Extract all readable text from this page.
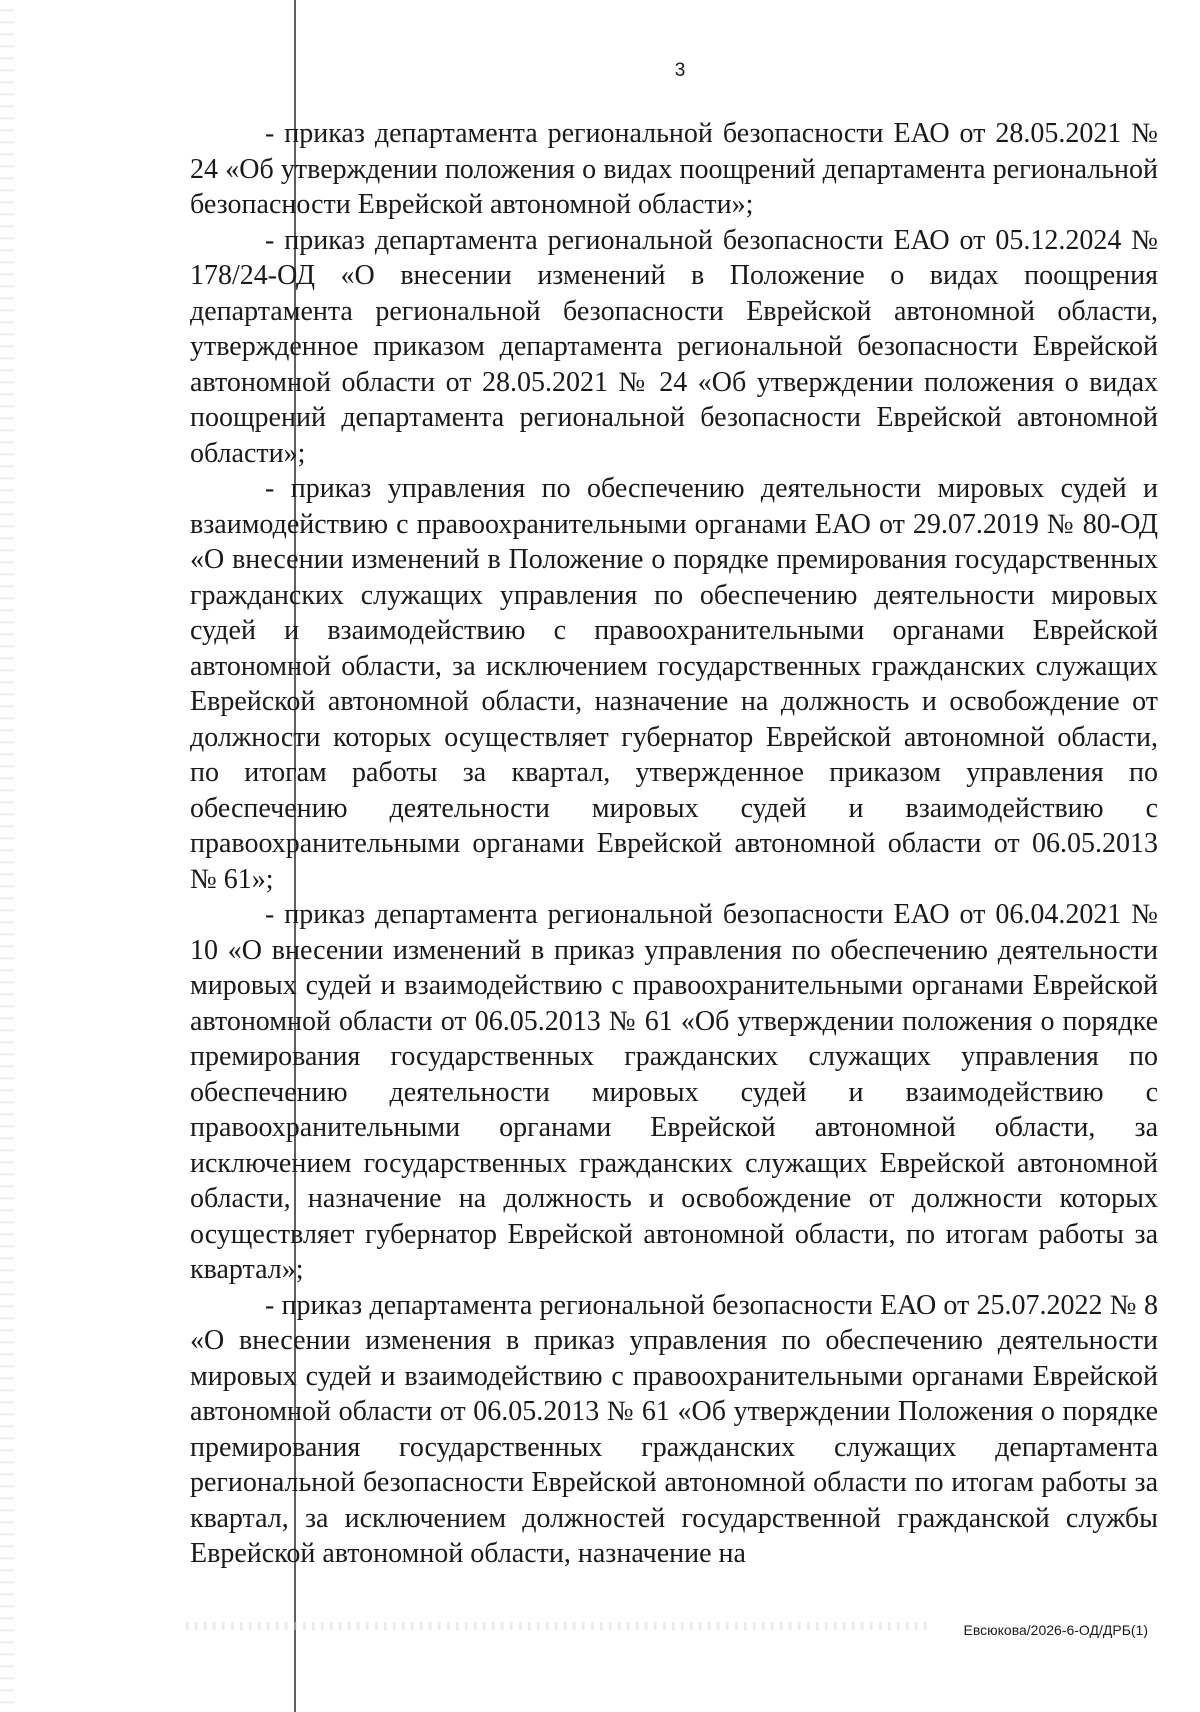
3

- приказ департамента региональной безопасности ЕАО от 28.05.2021 № 24 «Об утверждении положения о видах поощрений департамента региональной безопасности Еврейской автономной области»;

- приказ департамента региональной безопасности ЕАО от 05.12.2024 № 178/24-ОД «О внесении изменений в Положение о видах поощрения департамента региональной безопасности Еврейской автономной области, утвержденное приказом департамента региональной безопасности Еврейской автономной области от 28.05.2021 № 24 «Об утверждении положения о видах поощрений департамента региональной безопасности Еврейской автономной области»;

- приказ управления по обеспечению деятельности мировых судей и взаимодействию с правоохранительными органами ЕАО от 29.07.2019 № 80-ОД «О внесении изменений в Положение о порядке премирования государственных гражданских служащих управления по обеспечению деятельности мировых судей и взаимодействию с правоохранительными органами Еврейской автономной области, за исключением государственных гражданских служащих Еврейской автономной области, назначение на должность и освобождение от должности которых осуществляет губернатор Еврейской автономной области, по итогам работы за квартал, утвержденное приказом управления по обеспечению деятельности мировых судей и взаимодействию с правоохранительными органами Еврейской автономной области от 06.05.2013 № 61»;

- приказ департамента региональной безопасности ЕАО от 06.04.2021 № 10 «О внесении изменений в приказ управления по обеспечению деятельности мировых судей и взаимодействию с правоохранительными органами Еврейской автономной области от 06.05.2013 № 61 «Об утверждении положения о порядке премирования государственных гражданских служащих управления по обеспечению деятельности мировых судей и взаимодействию с правоохранительными органами Еврейской автономной области, за исключением государственных гражданских служащих Еврейской автономной области, назначение на должность и освобождение от должности которых осуществляет губернатор Еврейской автономной области, по итогам работы за квартал»;

- приказ департамента региональной безопасности ЕАО от 25.07.2022 № 8 «О внесении изменения в приказ управления по обеспечению деятельности мировых судей и взаимодействию с правоохранительными органами Еврейской автономной области от 06.05.2013 № 61 «Об утверждении Положения о порядке премирования государственных гражданских служащих департамента региональной безопасности Еврейской автономной области по итогам работы за квартал, за исключением должностей государственной гражданской службы Еврейской автономной области, назначение на

Евсюкова/2026-6-ОД/ДРБ(1)
